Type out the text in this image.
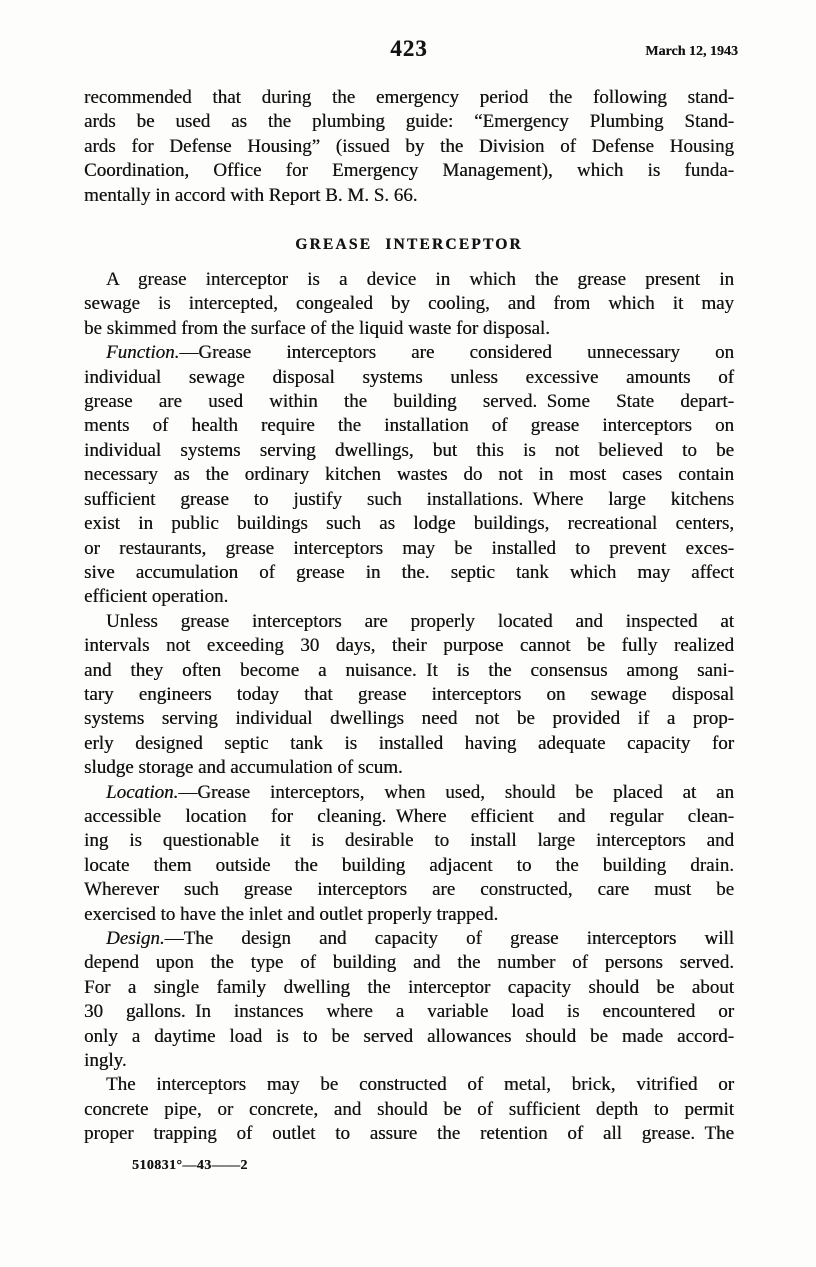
423	March 12, 1943
recommended that during the emergency period the following stand-
ards be used as the plumbing guide: “Emergency Plumbing Stand-
ards for Defense Housing” (issued by the Division of Defense Housing
Coordination, Office for Emergency Management), which is funda-
mentally in accord with Report B. M. S. 66.
GREASE INTERCEPTOR
A grease interceptor is a device in which the grease present in
sewage is intercepted, congealed by cooling, and from which it may
be skimmed from the surface of the liquid waste for disposal.
Function.—Grease interceptors are considered unnecessary on
individual sewage disposal systems unless excessive amounts of
grease are used within the building served. Some State depart-
ments of health require the installation of grease interceptors on
individual systems serving dwellings, but this is not believed to be
necessary as the ordinary kitchen wastes do not in most cases contain
sufficient grease to justify such installations. Where large kitchens
exist in public buildings such as lodge buildings, recreational centers,
or restaurants, grease interceptors may be installed to prevent exces-
sive accumulation of grease in the. septic tank which may affect
efficient operation.
Unless grease interceptors are properly located and inspected at
intervals not exceeding 30 days, their purpose cannot be fully realized
and they often become a nuisance. It is the consensus among sani-
tary engineers today that grease interceptors on sewage disposal
systems serving individual dwellings need not be provided if a prop-
erly designed septic tank is installed having adequate capacity for
sludge storage and accumulation of scum.
Location.—Grease interceptors, when used, should be placed at an
accessible location for cleaning. Where efficient and regular clean-
ing is questionable it is desirable to install large interceptors and
locate them outside the building adjacent to the building drain.
Wherever such grease interceptors are constructed, care must be
exercised to have the inlet and outlet properly trapped.
Design.—The design and capacity of grease interceptors will
depend upon the type of building and the number of persons served.
For a single family dwelling the interceptor capacity should be about
30 gallons. In instances where a variable load is encountered or
only a daytime load is to be served allowances should be made accord-
ingly.
The interceptors may be constructed of metal, brick, vitrified or
concrete pipe, or concrete, and should be of sufficient depth to permit
proper trapping of outlet to assure the retention of all grease. The
510831°—43——2
